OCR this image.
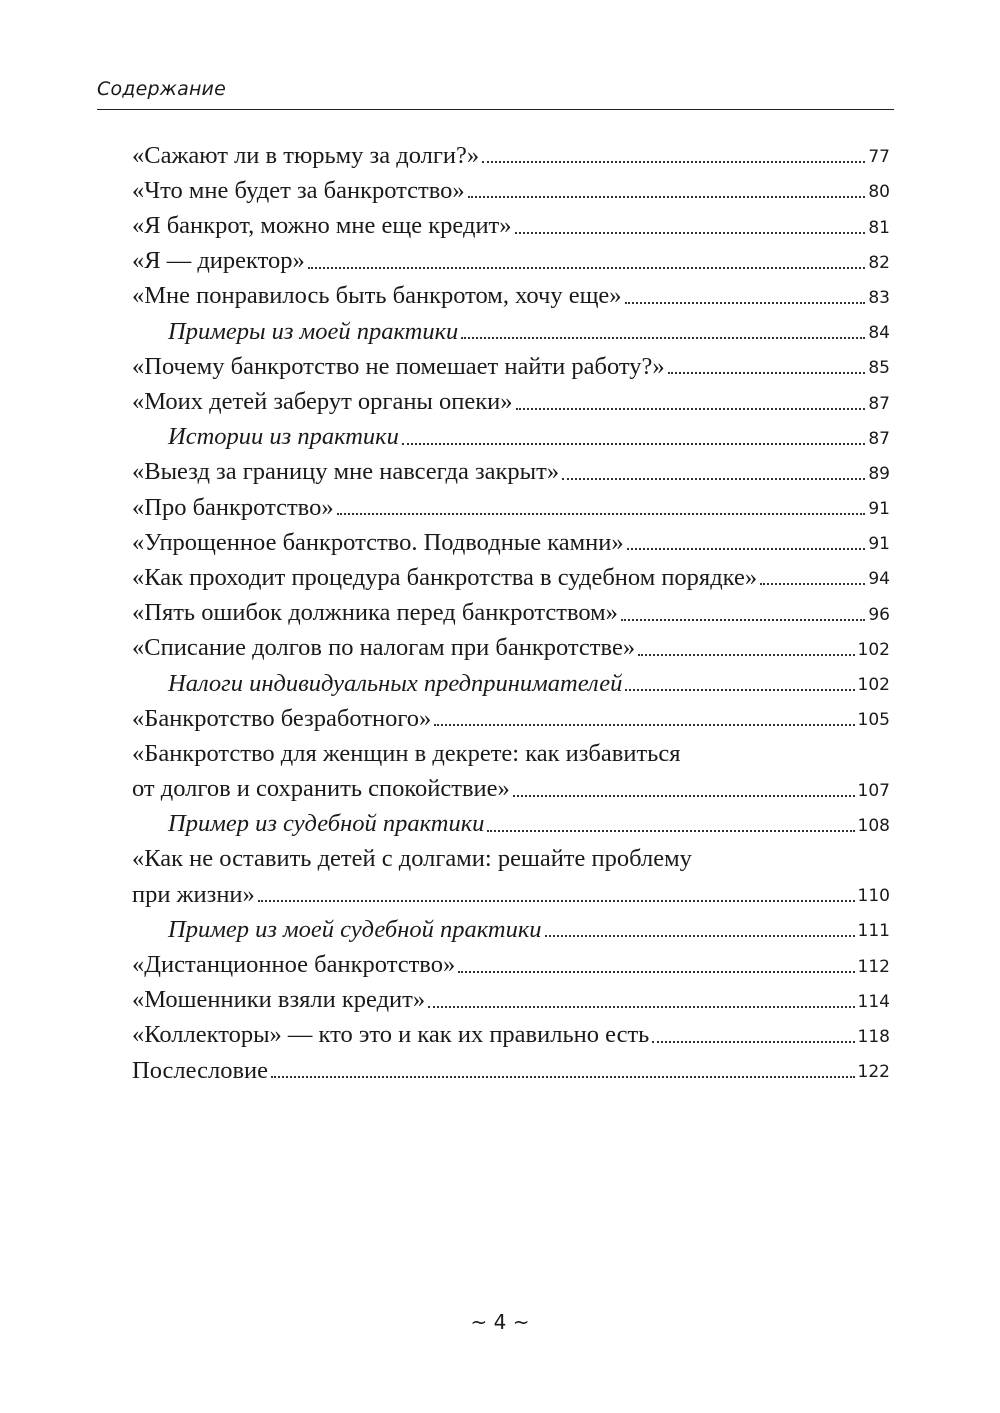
Содержание
«Сажают ли в тюрьму за долги?»	77
«Что мне будет за банкротство»	80
«Я банкрот, можно мне еще кредит»	81
«Я — директор»	82
«Мне понравилось быть банкротом, хочу еще»	83
Примеры из моей практики	84
«Почему банкротство не помешает найти работу?»	85
«Моих детей заберут органы опеки»	87
Истории из практики	87
«Выезд за границу мне навсегда закрыт»	89
«Про банкротство»	91
«Упрощенное банкротство. Подводные камни»	91
«Как проходит процедура банкротства в судебном порядке»	94
«Пять ошибок должника перед банкротством»	96
«Списание долгов по налогам при банкротстве»	102
Налоги индивидуальных предпринимателей	102
«Банкротство безработного»	105
«Банкротство для женщин в декрете: как избавиться
от долгов и сохранить спокойствие»	107
Пример из судебной практики	108
«Как не оставить детей с долгами: решайте проблему
при жизни»	110
Пример из моей судебной практики	111
«Дистанционное банкротство»	112
«Мошенники взяли кредит»	114
«Коллекторы» — кто это и как их правильно есть	118
Послесловие	122
~ 4 ~
